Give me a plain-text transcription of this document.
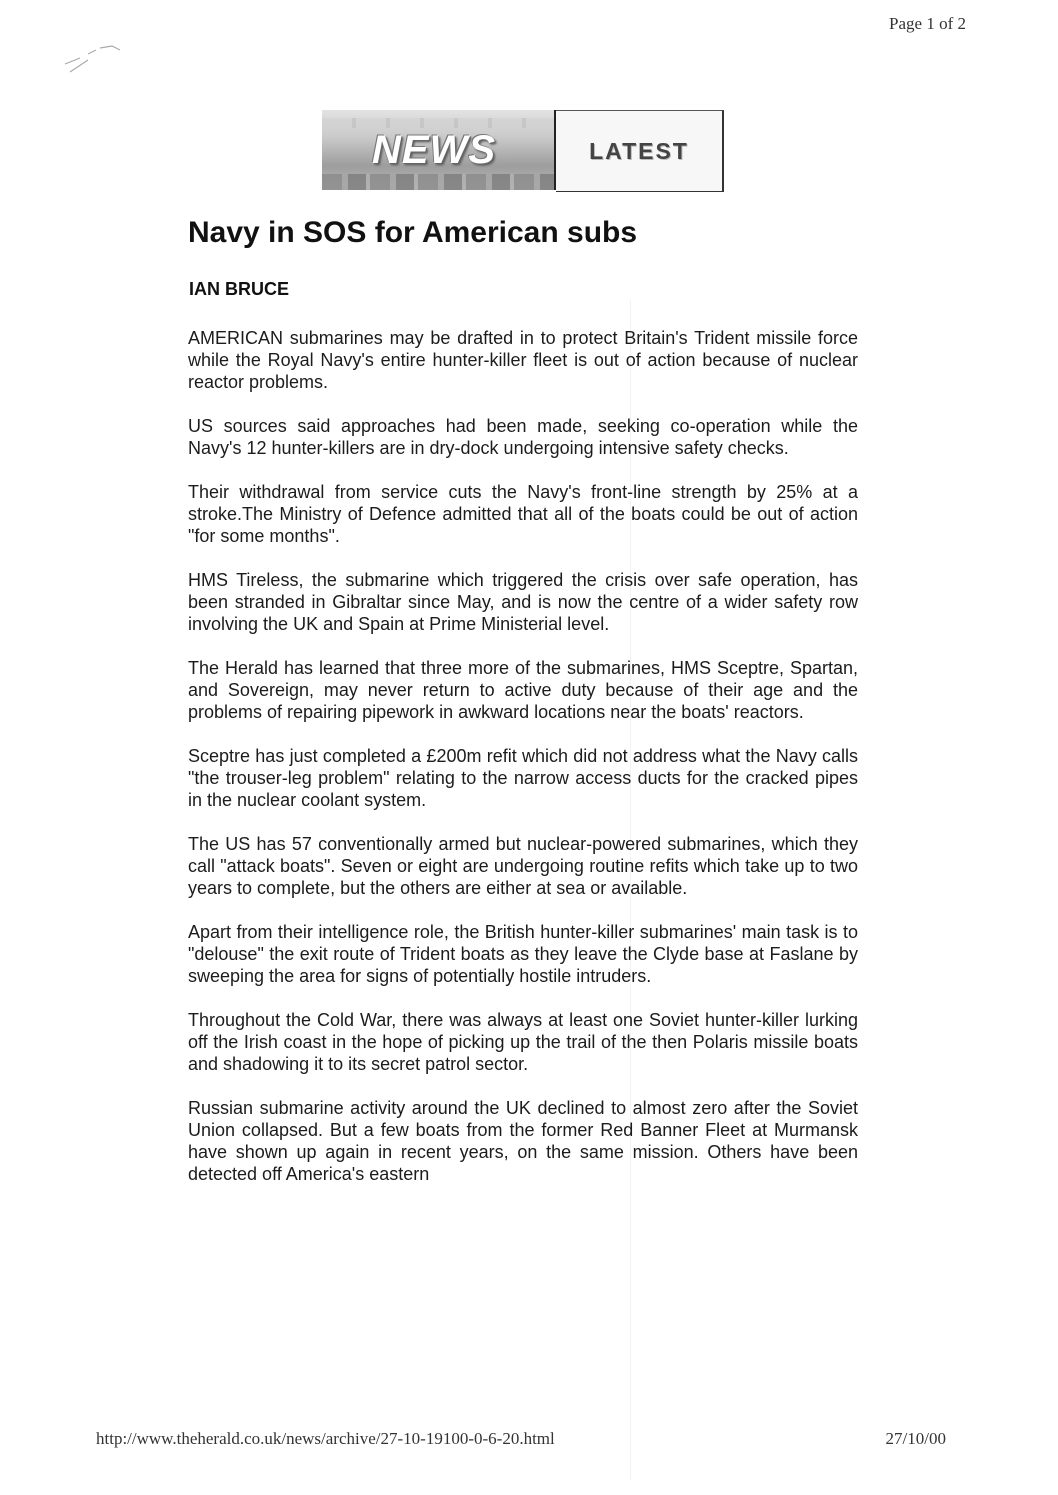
Page 1 of 2
NEWS	LATEST
Navy in SOS for American subs
IAN BRUCE

AMERICAN submarines may be drafted in to protect Britain's Trident missile force while the Royal Navy's entire hunter-killer fleet is out of action because of nuclear reactor problems.

US sources said approaches had been made, seeking co-operation while the Navy's 12 hunter-killers are in dry-dock undergoing intensive safety checks.

Their withdrawal from service cuts the Navy's front-line strength by 25% at a stroke.The Ministry of Defence admitted that all of the boats could be out of action "for some months".

HMS Tireless, the submarine which triggered the crisis over safe operation, has been stranded in Gibraltar since May, and is now the centre of a wider safety row involving the UK and Spain at Prime Ministerial level.

The Herald has learned that three more of the submarines, HMS Sceptre, Spartan, and Sovereign, may never return to active duty because of their age and the problems of repairing pipework in awkward locations near the boats' reactors.

Sceptre has just completed a £200m refit which did not address what the Navy calls "the trouser-leg problem" relating to the narrow access ducts for the cracked pipes in the nuclear coolant system.

The US has 57 conventionally armed but nuclear-powered submarines, which they call "attack boats". Seven or eight are undergoing routine refits which take up to two years to complete, but the others are either at sea or available.

Apart from their intelligence role, the British hunter-killer submarines' main task is to "delouse" the exit route of Trident boats as they leave the Clyde base at Faslane by sweeping the area for signs of potentially hostile intruders.

Throughout the Cold War, there was always at least one Soviet hunter-killer lurking off the Irish coast in the hope of picking up the trail of the then Polaris missile boats and shadowing it to its secret patrol sector.

Russian submarine activity around the UK declined to almost zero after the Soviet Union collapsed. But a few boats from the former Red Banner Fleet at Murmansk have shown up again in recent years, on the same mission. Others have been detected off America's eastern

http://www.theherald.co.uk/news/archive/27-10-19100-0-6-20.html	27/10/00
